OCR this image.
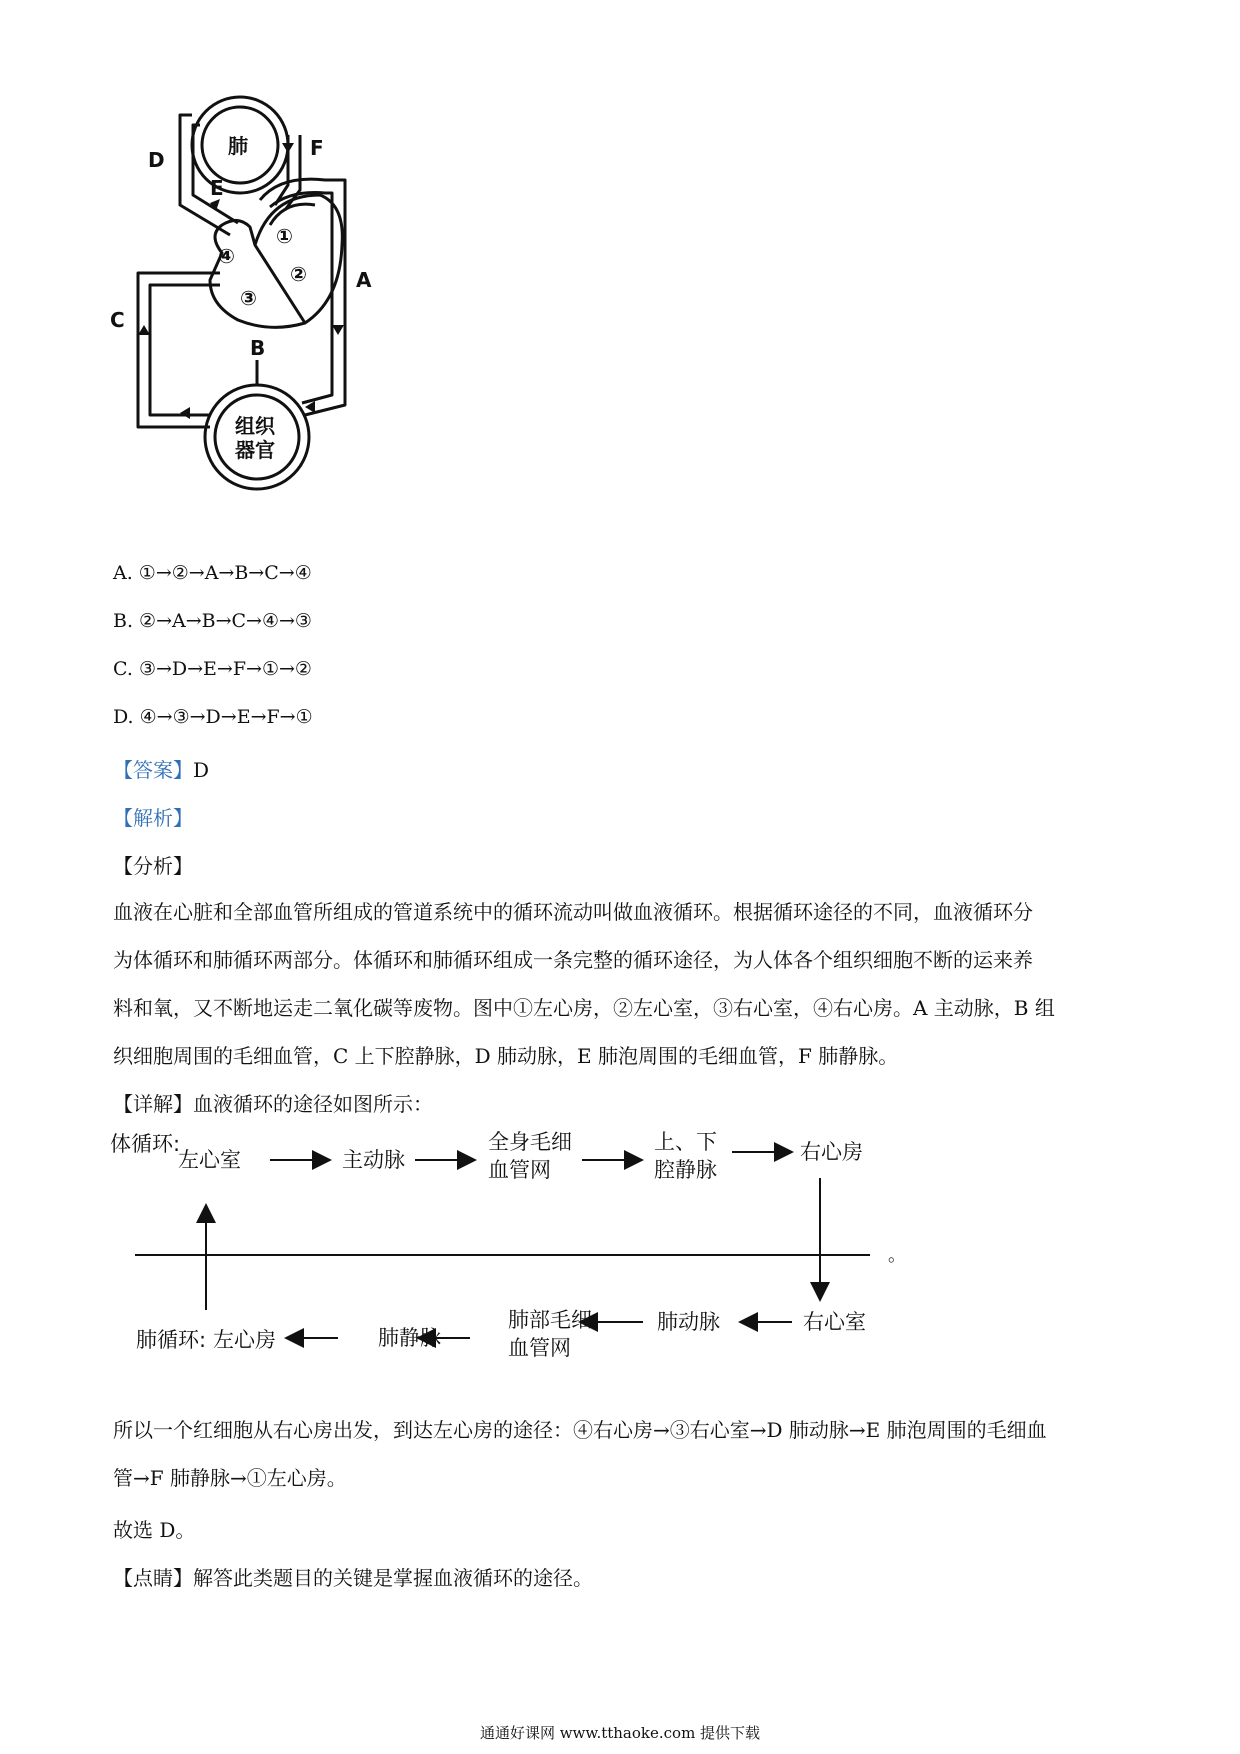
肺
组织
器官
D	F
E
A
B
C
①
②
③
④
A. ①→②→A→B→C→④
B. ②→A→B→C→④→③
C. ③→D→E→F→①→②
D. ④→③→D→E→F→①
【答案】D
【解析】
【分析】

血液在心脏和全部血管所组成的管道系统中的循环流动叫做血液循环。根据循环途径的不同，血液循环分

为体循环和肺循环两部分。体循环和肺循环组成一条完整的循环途径，为人体各个组织细胞不断的运来养

料和氧，又不断地运走二氧化碳等废物。图中①左心房，②左心室，③右心室，④右心房。A 主动脉，B 组

织细胞周围的毛细血管，C 上下腔静脉，D 肺动脉，E 肺泡周围的毛细血管，F 肺静脉。

【详解】血液循环的途径如图所示：
体循环:
左心室	主动脉
全身毛细
血管网
上、下
腔静脉
右心房
。
右心室
肺动脉
肺部毛细
血管网
肺静脉
肺循环: 左心房

所以一个红细胞从右心房出发，到达左心房的途径：④右心房→③右心室→D 肺动脉→E 肺泡周围的毛细血

管→F 肺静脉→①左心房。

故选 D。
【点睛】解答此类题目的关键是掌握血液循环的途径。
通通好课网 www.tthaoke.com 提供下载
